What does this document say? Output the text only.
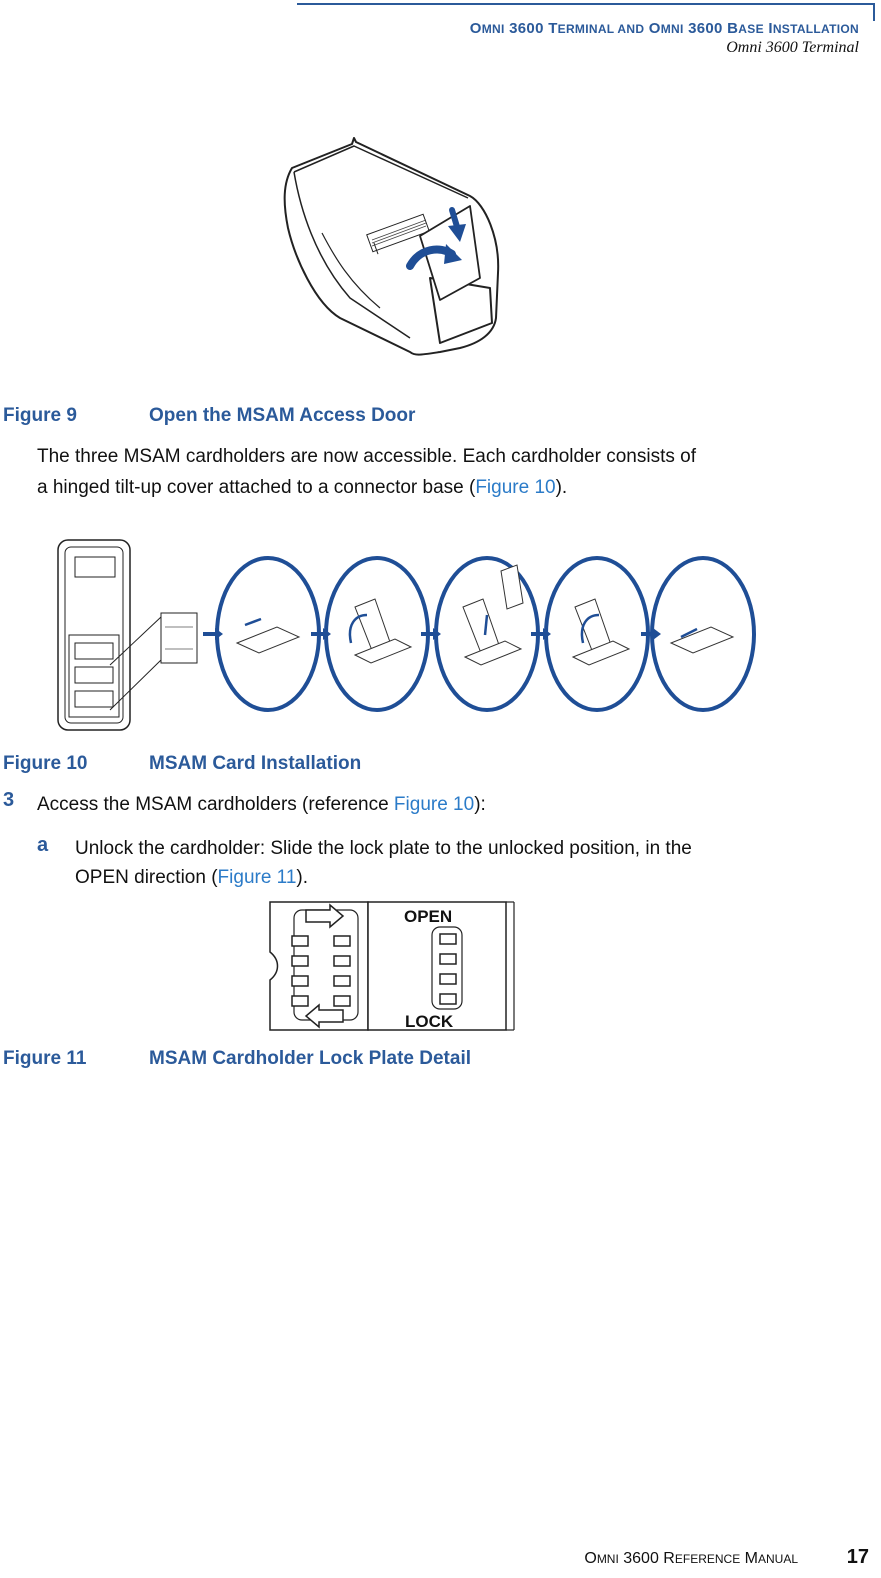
OMNI 3600 TERMINAL AND OMNI 3600 BASE INSTALLATION
Omni 3600 Terminal
Figure 9	Open the MSAM Access Door
The three MSAM cardholders are now accessible. Each cardholder consists of
a hinged tilt-up cover attached to a connector base (Figure 10).
Figure 10	MSAM Card Installation
3 Access the MSAM cardholders (reference Figure 10):
a Unlock the cardholder: Slide the lock plate to the unlocked position, in the
OPEN direction (Figure 11).
OPEN
LOCK
Figure 11	MSAM Cardholder Lock Plate Detail
OMNI 3600 REFERENCE MANUAL 17
